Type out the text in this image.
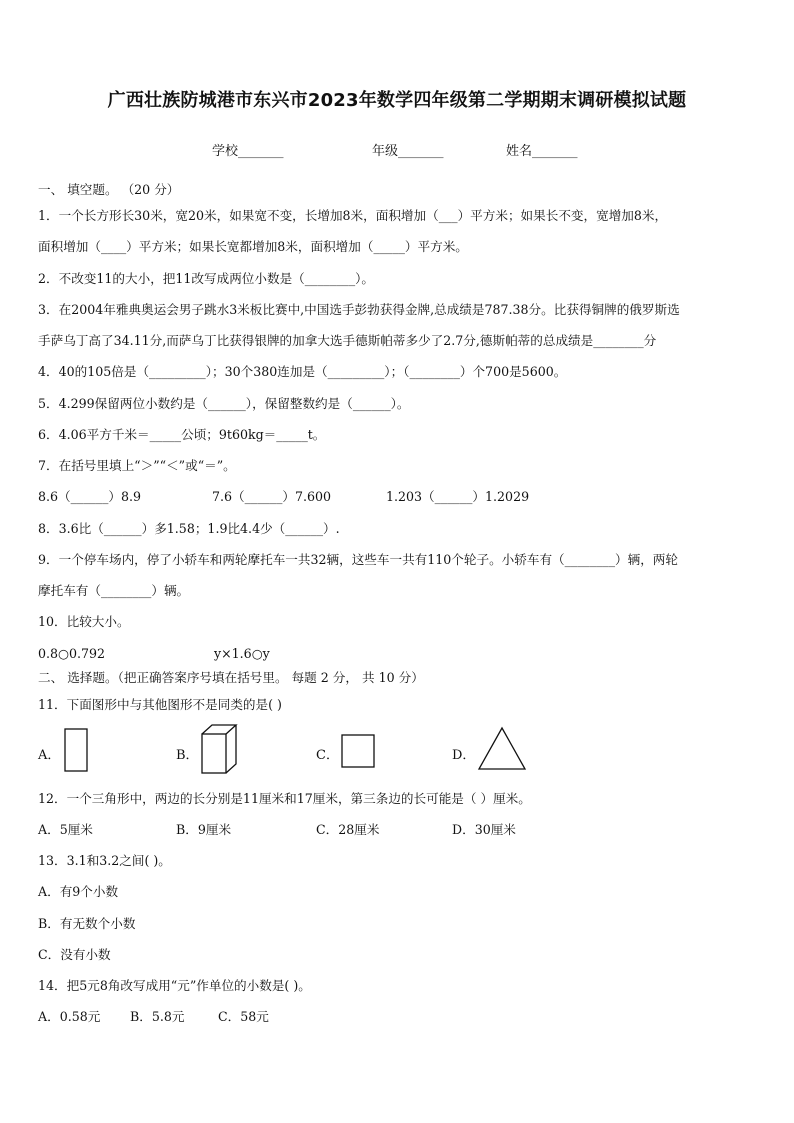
广西壮族防城港市东兴市2023年数学四年级第二学期期末调研模拟试题
学校_______	年级_______	姓名_______
一、 填空题。 （20 分）
1．一个长方形长30米，宽20米，如果宽不变，长增加8米，面积增加（___）平方米；如果长不变，宽增加8米，
面积增加（____）平方米；如果长宽都增加8米，面积增加（_____）平方米。
2．不改变11的大小，把11改写成两位小数是（________）。
3．在2004年雅典奥运会男子跳水3米板比赛中,中国选手彭勃获得金牌,总成绩是787.38分。比获得铜牌的俄罗斯选
手萨乌丁高了34.11分,而萨乌丁比获得银牌的加拿大选手德斯帕蒂多少了2.7分,德斯帕蒂的总成绩是________分
4．40的105倍是（_________）；30个380连加是（_________）；（________）个700是5600。
5．4.299保留两位小数约是（______），保留整数约是（______）。
6．4.06平方千米＝_____公顷；9t60kg＝_____t。
7．在括号里填上“＞”“＜”或“＝”。
8.6（______）8.9	7.6（______）7.600	1.203（______）1.2029
8．3.6比（______）多1.58；1.9比4.4少（______）.
9．一个停车场内，停了小轿车和两轮摩托车一共32辆，这些车一共有110个轮子。小轿车有（________）辆，两轮
摩托车有（________）辆。
10．比较大小。
0.8○0.792	y×1.6○y
二、 选择题。（把正确答案序号填在括号里。 每题 2 分， 共 10 分）
11．下面图形中与其他图形不是同类的是( )
A．	B．	C．	D．
12．一个三角形中，两边的长分别是11厘米和17厘米，第三条边的长可能是（ ）厘米。
A．5厘米	B．9厘米	C．28厘米	D．30厘米
13．3.1和3.2之间( )。
A．有9个小数
B．有无数个小数
C．没有小数
14．把5元8角改写成用“元”作单位的小数是( )。
A．0.58元 B．5.8元	C．58元
